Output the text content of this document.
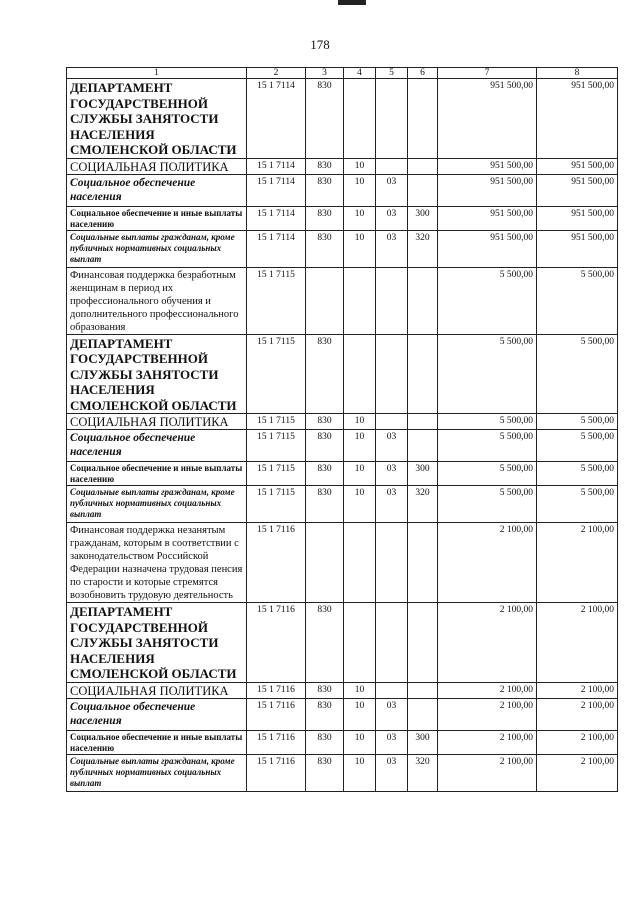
178
1	2	3	4	5	6	7	8
ДЕПАРТАМЕНТ ГОСУДАРСТВЕННОЙ СЛУЖБЫ ЗАНЯТОСТИ НАСЕЛЕНИЯ СМОЛЕНСКОЙ ОБЛАСТИ	15 1 7114	830				951 500,00	951 500,00
СОЦИАЛЬНАЯ ПОЛИТИКА	15 1 7114	830	10			951 500,00	951 500,00
Социальное обеспечение населения	15 1 7114	830	10	03		951 500,00	951 500,00
Социальное обеспечение и иные выплаты населению	15 1 7114	830	10	03	300	951 500,00	951 500,00
Социальные выплаты гражданам, кроме публичных нормативных социальных выплат	15 1 7114	830	10	03	320	951 500,00	951 500,00
Финансовая поддержка безработным женщинам в период их профессионального обучения и дополнительного профессионального образования	15 1 7115					5 500,00	5 500,00
ДЕПАРТАМЕНТ ГОСУДАРСТВЕННОЙ СЛУЖБЫ ЗАНЯТОСТИ НАСЕЛЕНИЯ СМОЛЕНСКОЙ ОБЛАСТИ	15 1 7115	830				5 500,00	5 500,00
СОЦИАЛЬНАЯ ПОЛИТИКА	15 1 7115	830	10			5 500,00	5 500,00
Социальное обеспечение населения	15 1 7115	830	10	03		5 500,00	5 500,00
Социальное обеспечение и иные выплаты населению	15 1 7115	830	10	03	300	5 500,00	5 500,00
Социальные выплаты гражданам, кроме публичных нормативных социальных выплат	15 1 7115	830	10	03	320	5 500,00	5 500,00
Финансовая поддержка незанятым гражданам, которым в соответствии с законодательством Российской Федерации назначена трудовая пенсия по старости и которые стремятся возобновить трудовую деятельность	15 1 7116					2 100,00	2 100,00
ДЕПАРТАМЕНТ ГОСУДАРСТВЕННОЙ СЛУЖБЫ ЗАНЯТОСТИ НАСЕЛЕНИЯ СМОЛЕНСКОЙ ОБЛАСТИ	15 1 7116	830				2 100,00	2 100,00
СОЦИАЛЬНАЯ ПОЛИТИКА	15 1 7116	830	10			2 100,00	2 100,00
Социальное обеспечение населения	15 1 7116	830	10	03		2 100,00	2 100,00
Социальное обеспечение и иные выплаты населению	15 1 7116	830	10	03	300	2 100,00	2 100,00
Социальные выплаты гражданам, кроме публичных нормативных социальных выплат	15 1 7116	830	10	03	320	2 100,00	2 100,00
